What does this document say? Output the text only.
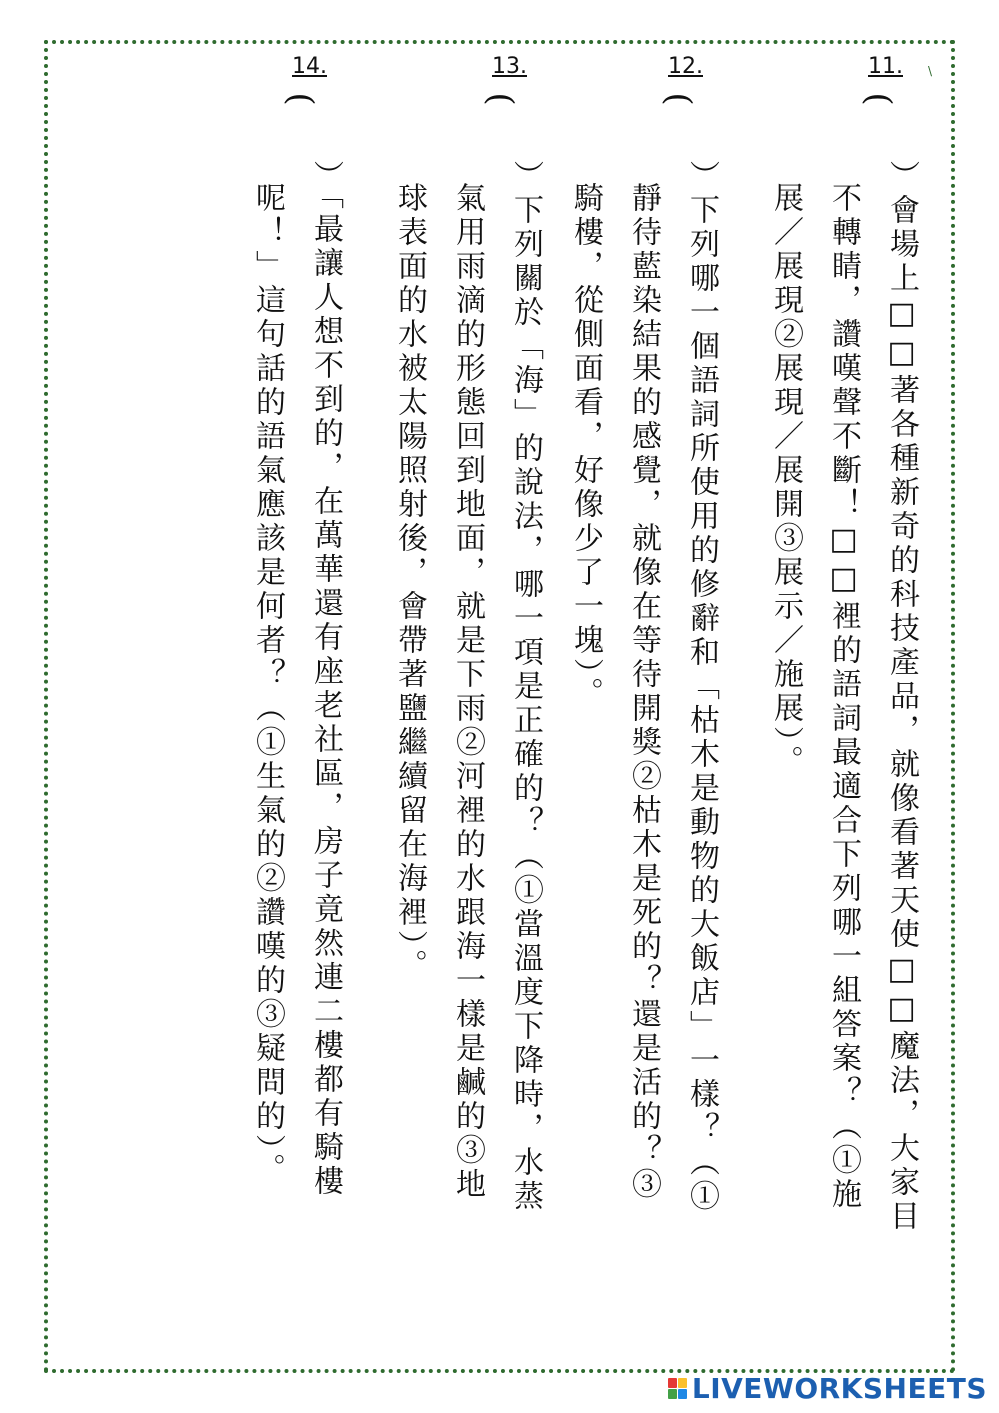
\
11.
(
）會場上□□著各種新奇的科技產品，就像看著天使□□魔法，大家目
不轉睛，讚嘆聲不斷！□□裡的語詞最適合下列哪一組答案？（①施
展／展現②展現／展開③展示／施展）。
12.
(
）下列哪一個語詞所使用的修辭和「枯木是動物的大飯店」一樣？（①
靜待藍染結果的感覺，就像在等待開獎②枯木是死的？還是活的？③
騎樓，從側面看，好像少了一塊）。
13.
(
）下列關於「海」的說法，哪一項是正確的？（①當溫度下降時，水蒸
氣用雨滴的形態回到地面，就是下雨②河裡的水跟海一樣是鹹的③地
球表面的水被太陽照射後，會帶著鹽繼續留在海裡）。
14.
(
）「最讓人想不到的，在萬華還有座老社區，房子竟然連二樓都有騎樓
呢！」這句話的語氣應該是何者？（①生氣的②讚嘆的③疑問的）。
LIVEWORKSHEETS
